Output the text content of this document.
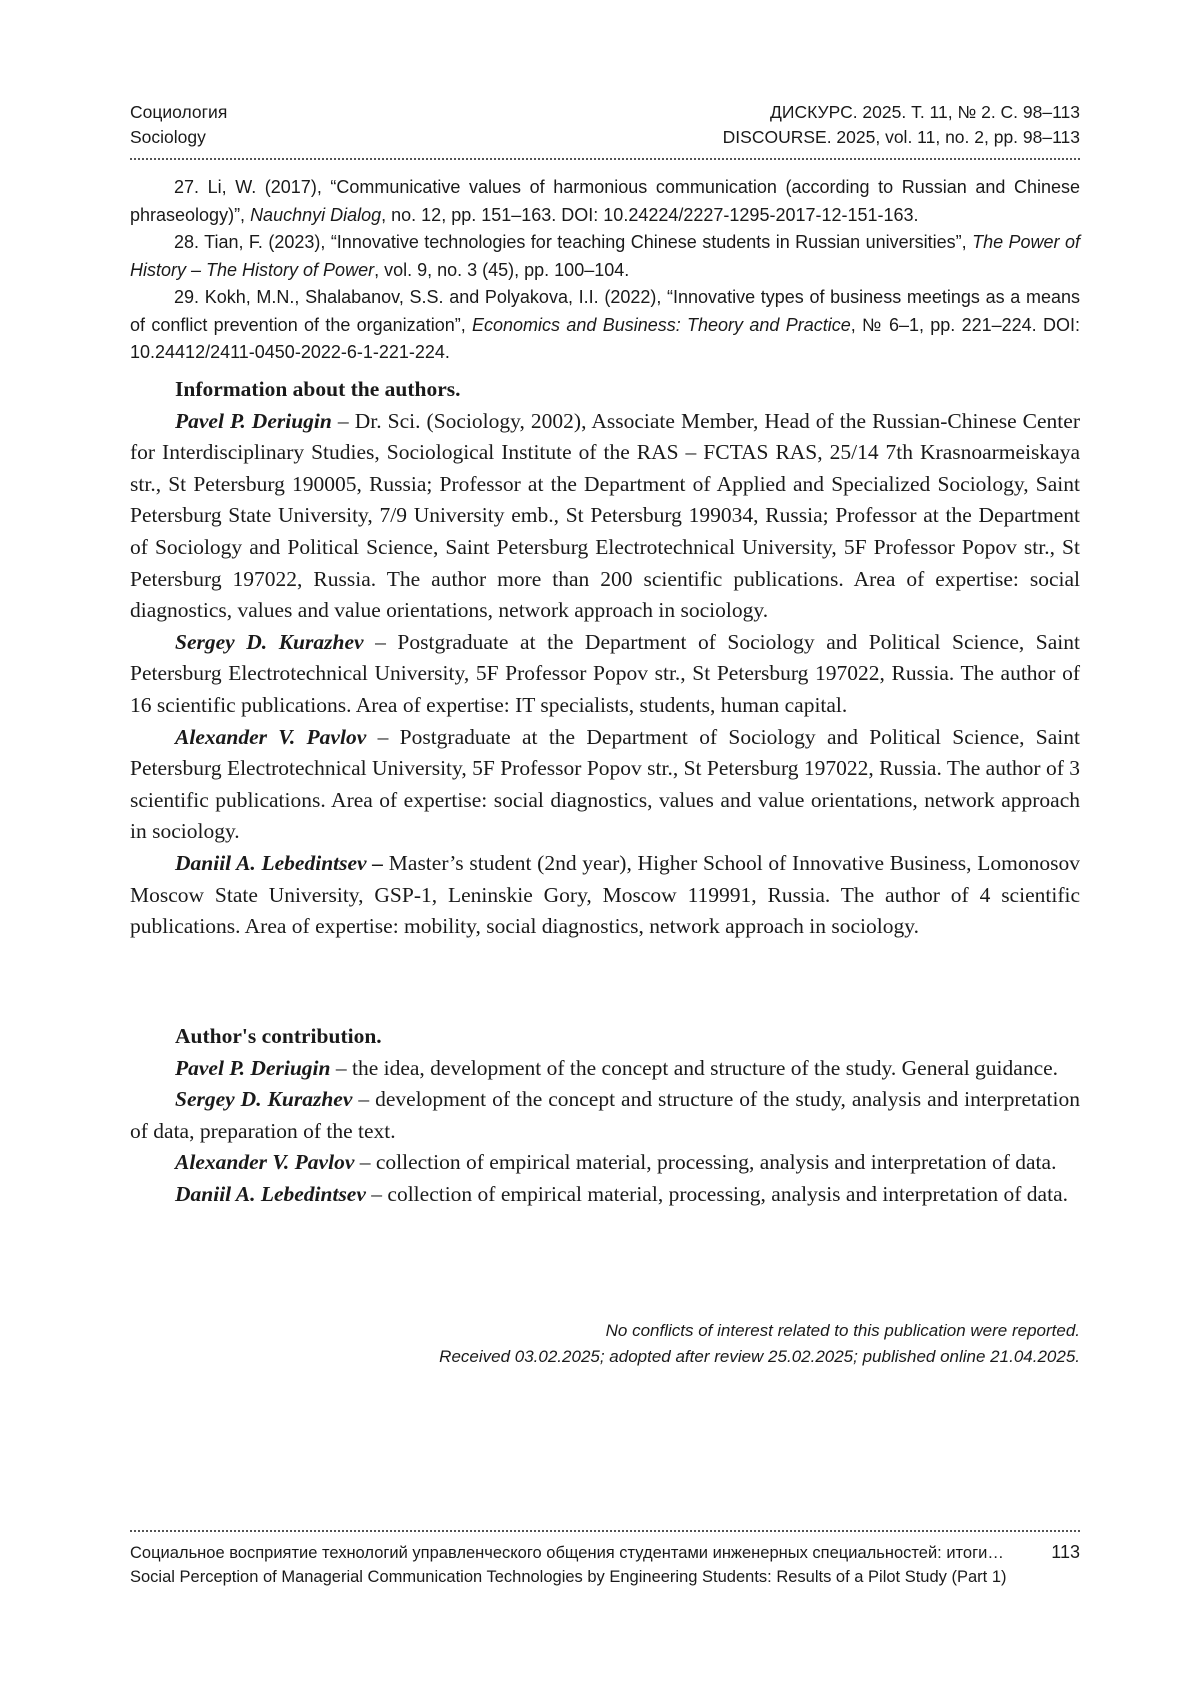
Социология	ДИСКУРС. 2025. Т. 11, № 2. С. 98–113
Sociology	DISCOURSE. 2025, vol. 11, no. 2, pp. 98–113

27. Li, W. (2017), “Communicative values of harmonious communication (according to Russian and Chinese phraseology)”, Nauchnyi Dialog, no. 12, pp. 151–163. DOI: 10.24224/2227-1295-2017-12-151-163.

28. Tian, F. (2023), “Innovative technologies for teaching Chinese students in Russian universities”, The Power of History – The History of Power, vol. 9, no. 3 (45), pp. 100–104.

29. Kokh, M.N., Shalabanov, S.S. and Polyakova, I.I. (2022), “Innovative types of business meetings as a means of conflict prevention of the organization”, Economics and Business: Theory and Practice, № 6–1, pp. 221–224. DOI: 10.24412/2411-0450-2022-6-1-221-224.

Information about the authors.

Pavel P. Deriugin – Dr. Sci. (Sociology, 2002), Associate Member, Head of the Russian-Chinese Center for Interdisciplinary Studies, Sociological Institute of the RAS – FCTAS RAS, 25/14 7th Krasnoarmeiskaya str., St Petersburg 190005, Russia; Professor at the Department of Applied and Specialized Sociology, Saint Petersburg State University, 7/9 University emb., St Petersburg 199034, Russia; Professor at the Department of Sociology and Political Science, Saint Petersburg Electrotechnical University, 5F Professor Popov str., St Petersburg 197022, Russia. The author more than 200 scientific publications. Area of expertise: social diagnostics, values and value orientations, network approach in sociology.

Sergey D. Kurazhev – Postgraduate at the Department of Sociology and Political Science, Saint Petersburg Electrotechnical University, 5F Professor Popov str., St Petersburg 197022, Russia. The author of 16 scientific publications. Area of expertise: IT specialists, students, human capital.

Alexander V. Pavlov – Postgraduate at the Department of Sociology and Political Science, Saint Petersburg Electrotechnical University, 5F Professor Popov str., St Petersburg 197022, Russia. The author of 3 scientific publications. Area of expertise: social diagnostics, values and value orientations, network approach in sociology.

Daniil A. Lebedintsev – Master’s student (2nd year), Higher School of Innovative Business, Lomonosov Moscow State University, GSP-1, Leninskie Gory, Moscow 119991, Russia. The author of 4 scientific publications. Area of expertise: mobility, social diagnostics, network approach in sociology.

Author's contribution.

Pavel P. Deriugin – the idea, development of the concept and structure of the study. General guidance.

Sergey D. Kurazhev – development of the concept and structure of the study, analysis and interpretation of data, preparation of the text.

Alexander V. Pavlov – collection of empirical material, processing, analysis and interpretation of data.

Daniil A. Lebedintsev – collection of empirical material, processing, analysis and interpretation of data.

No conflicts of interest related to this publication were reported.
Received 03.02.2025; adopted after review 25.02.2025; published online 21.04.2025.
Социальное восприятие технологий управленческого общения студентами инженерных специальностей: итоги…	113
Social Perception of Managerial Communication Technologies by Engineering Students: Results of a Pilot Study (Part 1)
